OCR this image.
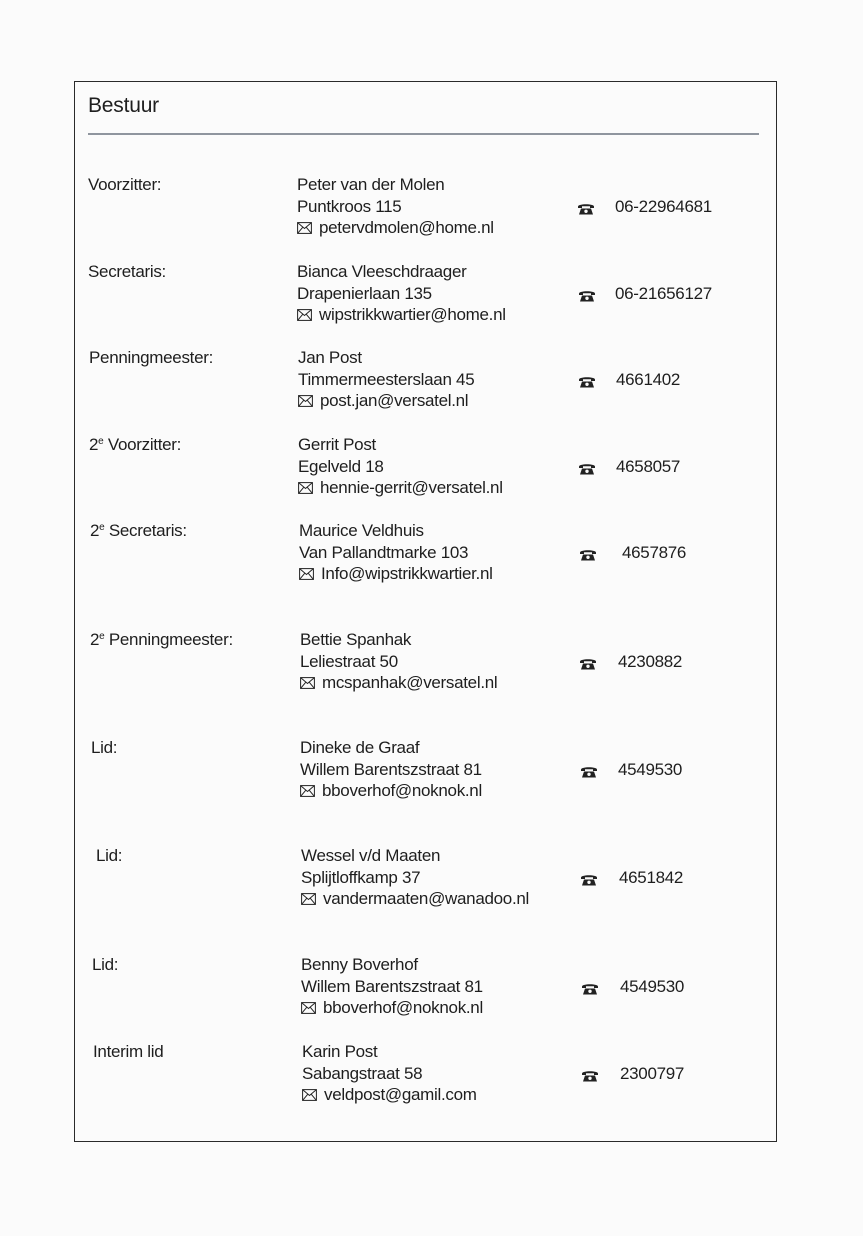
Bestuur
Voorzitter:	Peter van der Molen
Puntkroos 115
petervdmolen@home.nl
06-22964681
Secretaris:	Bianca Vleeschdraager
Drapenierlaan 135
wipstrikkwartier@home.nl
06-21656127
Penningmeester:	Jan Post
Timmermeesterslaan 45
post.jan@versatel.nl
4661402
2e Voorzitter:	Gerrit Post
Egelveld 18
hennie-gerrit@versatel.nl
4658057
2e Secretaris:	Maurice Veldhuis
Van Pallandtmarke 103
Info@wipstrikkwartier.nl
4657876
2e Penningmeester:	Bettie Spanhak
Leliestraat 50
mcspanhak@versatel.nl
4230882
Lid:	Dineke de Graaf
Willem Barentszstraat 81
bboverhof@noknok.nl
4549530
Lid:	Wessel v/d Maaten
Splijtloffkamp 37
vandermaaten@wanadoo.nl
4651842
Lid:	Benny Boverhof
Willem Barentszstraat 81
bboverhof@noknok.nl
4549530
Interim lid	Karin Post
Sabangstraat 58
veldpost@gamil.com
2300797
